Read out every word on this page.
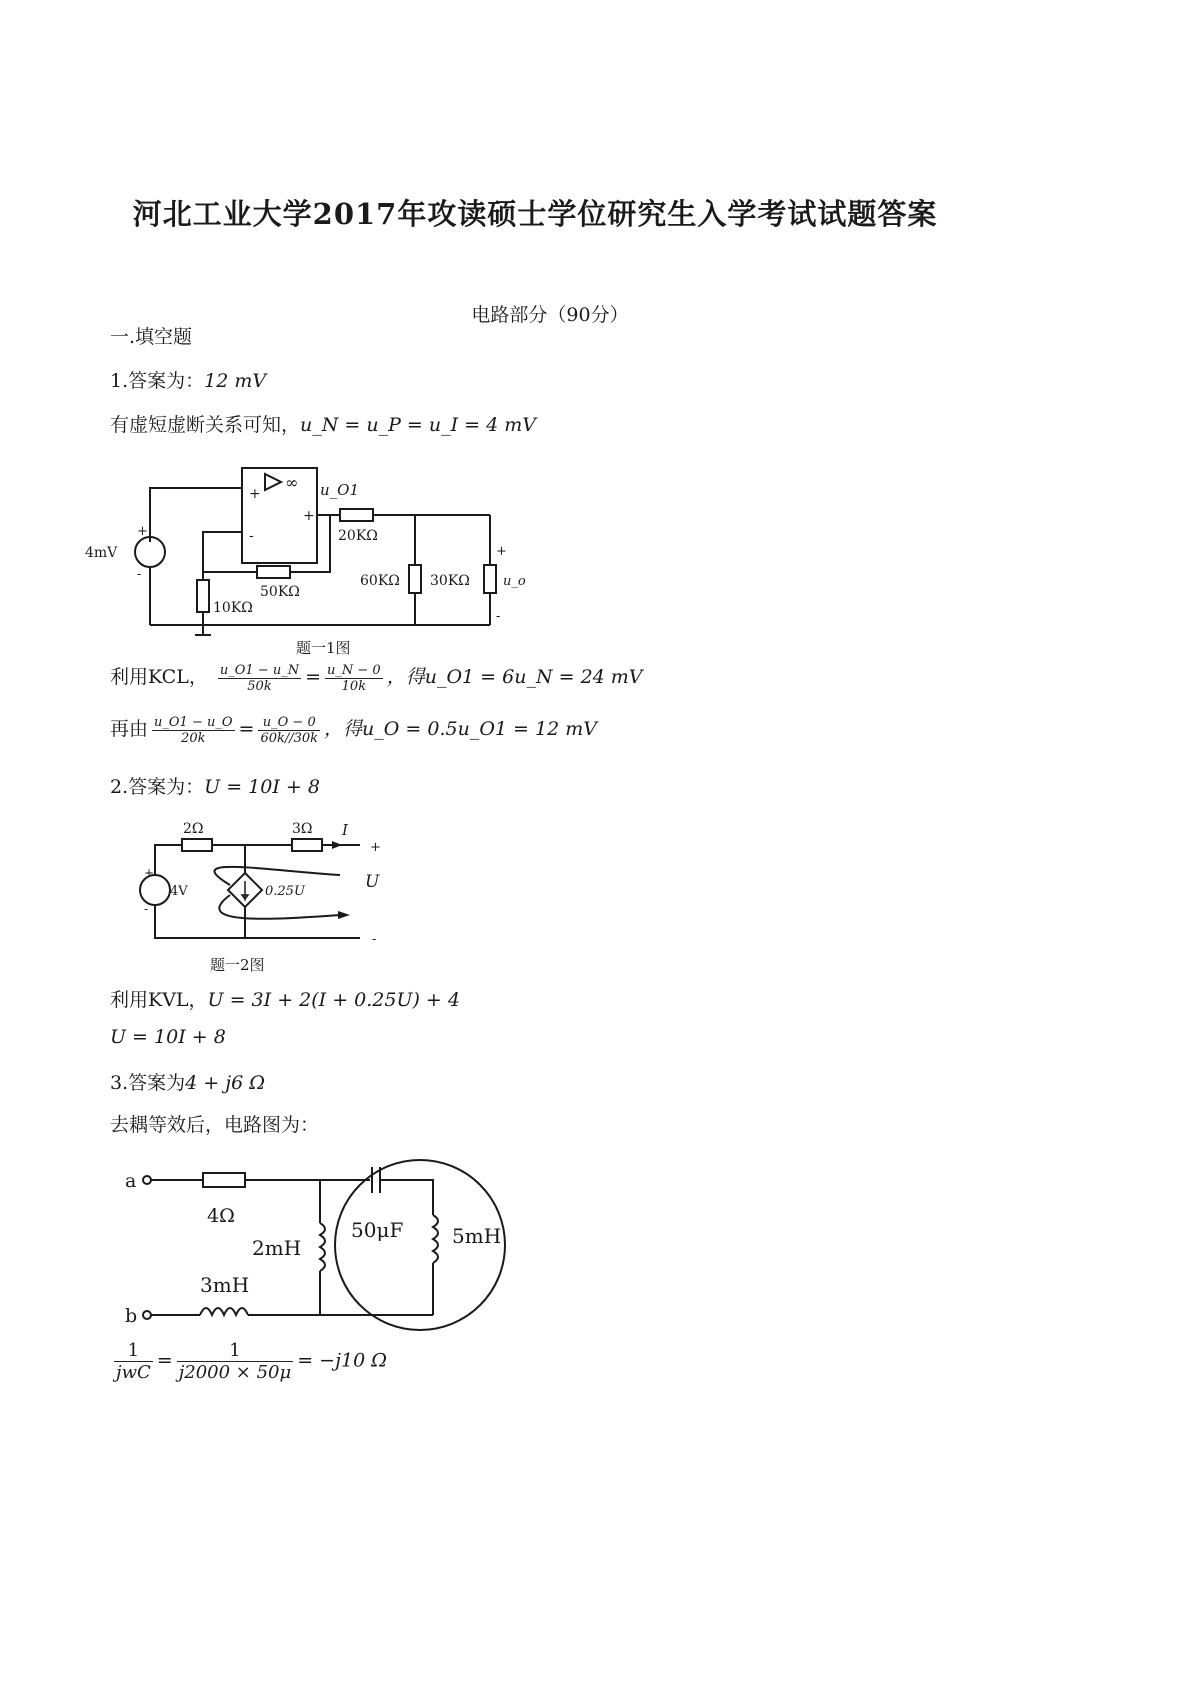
河北工业大学2017年攻读硕士学位研究生入学考试试题答案
电路部分（90分）
一.填空题
1.答案为：12 mV
有虚短虚断关系可知，u_N = u_P = u_I = 4 mV
∞
+
-
+
4mV
+
-
u_O1
20KΩ
50KΩ
10KΩ
60KΩ 30KΩ	u_o
+
-
题一1图
利用KCL， $\frac{u\_O1 - u\_N}{50k} = \frac{u\_N - 0}{10k}$ ，得u_O1 = 6u_N = 24 mV
再由 $\frac{u\_O1 - u\_O}{20k} = \frac{u\_O - 0}{60k//30k}$ ，得u_O = 0.5u_O1 = 12 mV
2.答案为：U = 10I + 8
2Ω	3Ω I
4V
+
-
0.25U
+
U
-
题一2图
利用KVL，U = 3I + 2(I + 0.25U) + 4
U = 10I + 8
3.答案为4 + j6 Ω
去耦等效后，电路图为：
a
b
4Ω
2mH
3mH
50μF 5mH
$\frac{1}{\text{jwC}} = \frac{1}{j2000 \times 50\mu} = -j10$ Ω
